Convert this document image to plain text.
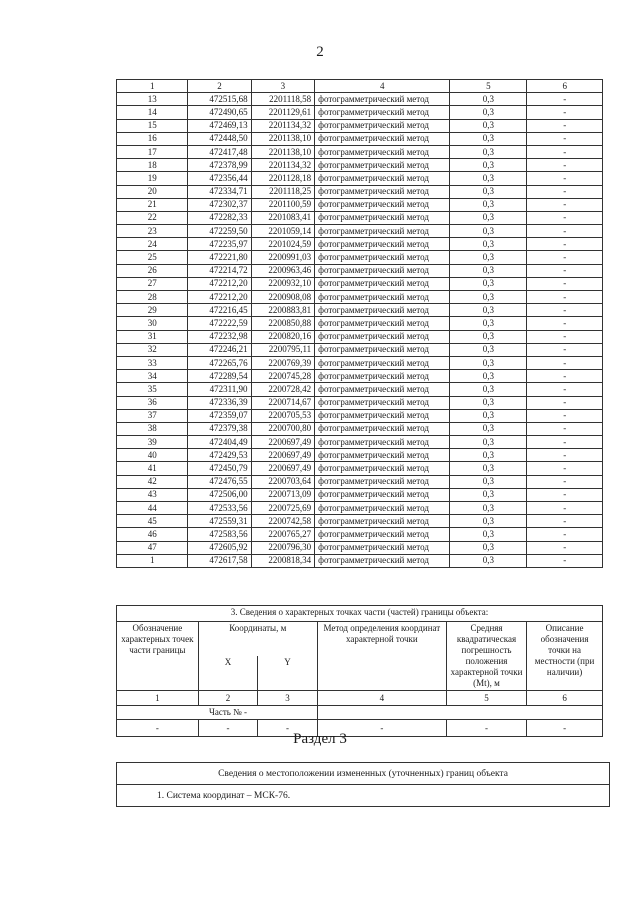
2
1	2	3	4	5	6
13	472515,68	2201118,58	фотограмметрический метод	0,3	-
14	472490,65	2201129,61	фотограмметрический метод	0,3	-
15	472469,13	2201134,32	фотограмметрический метод	0,3	-
16	472448,50	2201138,10	фотограмметрический метод	0,3	-
17	472417,48	2201138,10	фотограмметрический метод	0,3	-
18	472378,99	2201134,32	фотограмметрический метод	0,3	-
19	472356,44	2201128,18	фотограмметрический метод	0,3	-
20	472334,71	2201118,25	фотограмметрический метод	0,3	-
21	472302,37	2201100,59	фотограмметрический метод	0,3	-
22	472282,33	2201083,41	фотограмметрический метод	0,3	-
23	472259,50	2201059,14	фотограмметрический метод	0,3	-
24	472235,97	2201024,59	фотограмметрический метод	0,3	-
25	472221,80	2200991,03	фотограмметрический метод	0,3	-
26	472214,72	2200963,46	фотограмметрический метод	0,3	-
27	472212,20	2200932,10	фотограмметрический метод	0,3	-
28	472212,20	2200908,08	фотограмметрический метод	0,3	-
29	472216,45	2200883,81	фотограмметрический метод	0,3	-
30	472222,59	2200850,88	фотограмметрический метод	0,3	-
31	472232,98	2200820,16	фотограмметрический метод	0,3	-
32	472246,21	2200795,11	фотограмметрический метод	0,3	-
33	472265,76	2200769,39	фотограмметрический метод	0,3	-
34	472289,54	2200745,28	фотограмметрический метод	0,3	-
35	472311,90	2200728,42	фотограмметрический метод	0,3	-
36	472336,39	2200714,67	фотограмметрический метод	0,3	-
37	472359,07	2200705,53	фотограмметрический метод	0,3	-
38	472379,38	2200700,80	фотограмметрический метод	0,3	-
39	472404,49	2200697,49	фотограмметрический метод	0,3	-
40	472429,53	2200697,49	фотограмметрический метод	0,3	-
41	472450,79	2200697,49	фотограмметрический метод	0,3	-
42	472476,55	2200703,64	фотограмметрический метод	0,3	-
43	472506,00	2200713,09	фотограмметрический метод	0,3	-
44	472533,56	2200725,69	фотограмметрический метод	0,3	-
45	472559,31	2200742,58	фотограмметрический метод	0,3	-
46	472583,56	2200765,27	фотограмметрический метод	0,3	-
47	472605,92	2200796,30	фотограмметрический метод	0,3	-
1	472617,58	2200818,34	фотограмметрический метод	0,3	-
3. Сведения о характерных точках части (частей) границы объекта:					
Обозначение характерных точек части границы	Координаты, м		Метод определения координат характерной точки	Средняя квадратическая погрешность положения характерной точки (Mt), м	Описание обозначения точки на местности (при наличии)
	X	Y			
1	2	3	4	5	6
Часть № -					
-	-	-	-	-	-
Раздел 3
Сведения о местоположении измененных (уточненных) границ объекта
1. Система координат – МСК-76.
